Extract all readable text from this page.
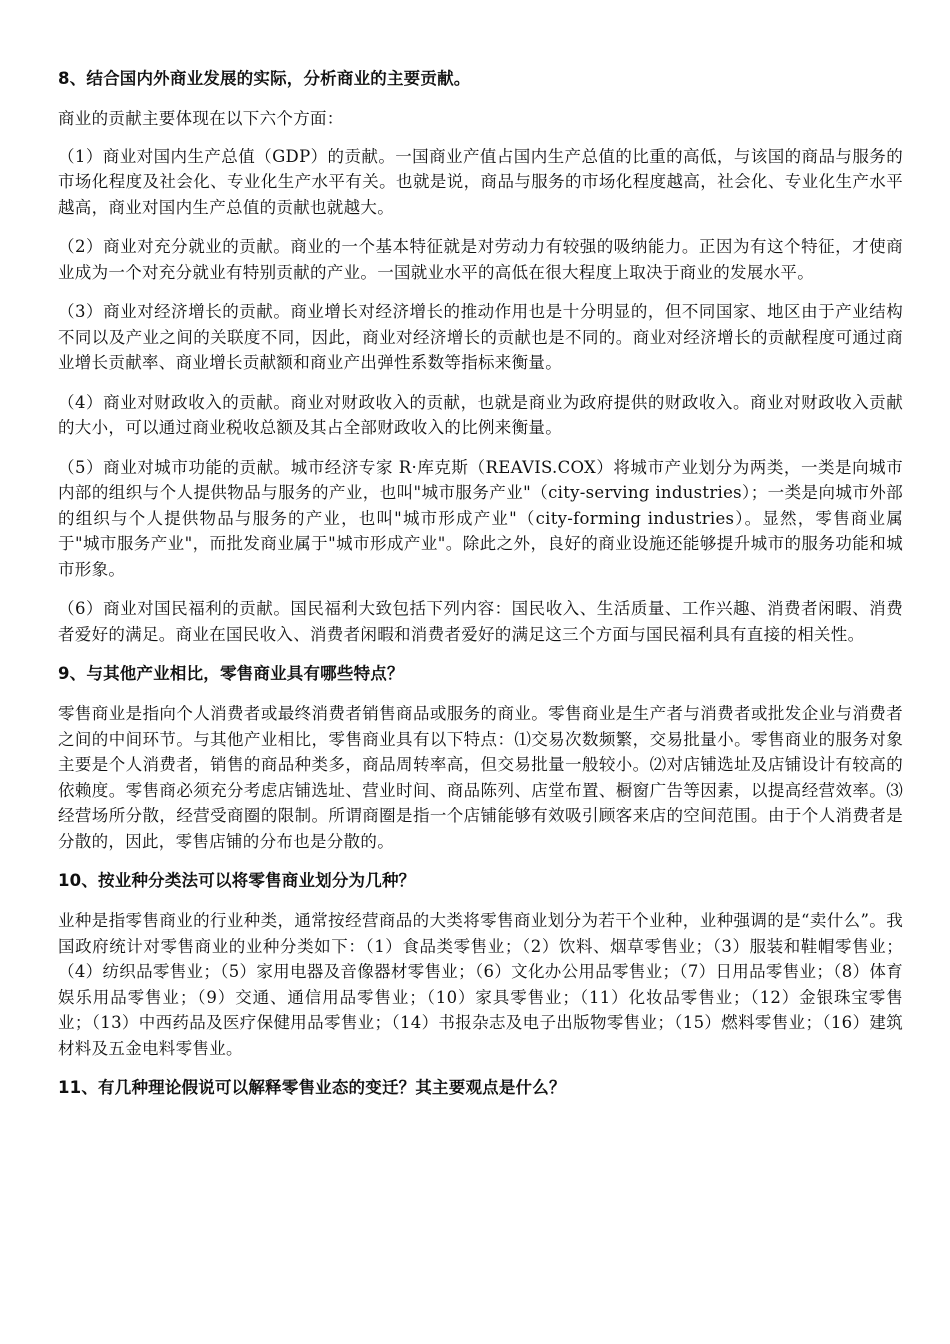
8、结合国内外商业发展的实际，分析商业的主要贡献。
商业的贡献主要体现在以下六个方面：
（1）商业对国内生产总值（GDP）的贡献。一国商业产值占国内生产总值的比重的高低，与该国的商品与服务的市场化程度及社会化、专业化生产水平有关。也就是说，商品与服务的市场化程度越高，社会化、专业化生产水平越高，商业对国内生产总值的贡献也就越大。
（2）商业对充分就业的贡献。商业的一个基本特征就是对劳动力有较强的吸纳能力。正因为有这个特征，才使商业成为一个对充分就业有特别贡献的产业。一国就业水平的高低在很大程度上取决于商业的发展水平。
（3）商业对经济增长的贡献。商业增长对经济增长的推动作用也是十分明显的，但不同国家、地区由于产业结构不同以及产业之间的关联度不同，因此，商业对经济增长的贡献也是不同的。商业对经济增长的贡献程度可通过商业增长贡献率、商业增长贡献额和商业产出弹性系数等指标来衡量。
（4）商业对财政收入的贡献。商业对财政收入的贡献，也就是商业为政府提供的财政收入。商业对财政收入贡献的大小，可以通过商业税收总额及其占全部财政收入的比例来衡量。
（5）商业对城市功能的贡献。城市经济专家 R·库克斯（REAVIS.COX）将城市产业划分为两类，一类是向城市内部的组织与个人提供物品与服务的产业，也叫"城市服务产业"（city-serving industries）；一类是向城市外部的组织与个人提供物品与服务的产业，也叫"城市形成产业"（city-forming industries）。显然，零售商业属于"城市服务产业"，而批发商业属于"城市形成产业"。除此之外，良好的商业设施还能够提升城市的服务功能和城市形象。
（6）商业对国民福利的贡献。国民福利大致包括下列内容：国民收入、生活质量、工作兴趣、消费者闲暇、消费者爱好的满足。商业在国民收入、消费者闲暇和消费者爱好的满足这三个方面与国民福利具有直接的相关性。
9、与其他产业相比，零售商业具有哪些特点？
零售商业是指向个人消费者或最终消费者销售商品或服务的商业。零售商业是生产者与消费者或批发企业与消费者之间的中间环节。与其他产业相比，零售商业具有以下特点：⑴交易次数频繁，交易批量小。零售商业的服务对象主要是个人消费者，销售的商品种类多，商品周转率高，但交易批量一般较小。⑵对店铺选址及店铺设计有较高的依赖度。零售商必须充分考虑店铺选址、营业时间、商品陈列、店堂布置、橱窗广告等因素，以提高经营效率。⑶经营场所分散，经营受商圈的限制。所谓商圈是指一个店铺能够有效吸引顾客来店的空间范围。由于个人消费者是分散的，因此，零售店铺的分布也是分散的。
10、按业种分类法可以将零售商业划分为几种？
业种是指零售商业的行业种类，通常按经营商品的大类将零售商业划分为若干个业种，业种强调的是“卖什么”。我国政府统计对零售商业的业种分类如下：（1）食品类零售业；（2）饮料、烟草零售业；（3）服装和鞋帽零售业；（4）纺织品零售业；（5）家用电器及音像器材零售业；（6）文化办公用品零售业；（7）日用品零售业；（8）体育娱乐用品零售业；（9）交通、通信用品零售业；（10）家具零售业；（11）化妆品零售业；（12）金银珠宝零售业；（13）中西药品及医疗保健用品零售业；（14）书报杂志及电子出版物零售业；（15）燃料零售业；（16）建筑材料及五金电料零售业。
11、有几种理论假说可以解释零售业态的变迁？其主要观点是什么？
